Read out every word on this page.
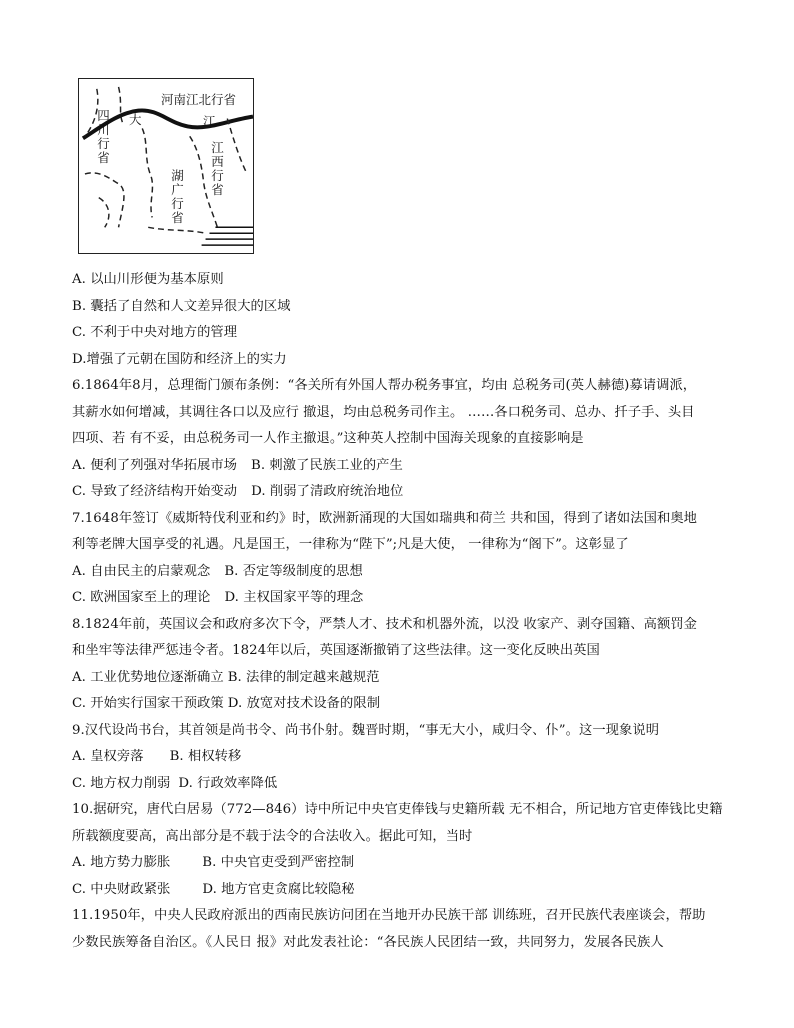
河南江北行省
四川行省
大	江
江西行省
湖广行省
A. 以山川形便为基本原则
B. 囊括了自然和人文差异很大的区域
C. 不利于中央对地方的管理
D.增强了元朝在国防和经济上的实力
6.1864年8月，总理衙门颁布条例：“各关所有外国人帮办税务事宜，均由 总税务司(英人赫德)募请调派，
其薪水如何增减，其调往各口以及应行 撤退，均由总税务司作主。 ……各口税务司、总办、扦子手、头目
四项、若 有不妥，由总税务司一人作主撤退。”这种英人控制中国海关现象的直接影响是
A. 便利了列强对华拓展市场 B. 刺激了民族工业的产生
C. 导致了经济结构开始变动 D. 削弱了清政府统治地位
7.1648年签订《威斯特伐利亚和约》时，欧洲新涌现的大国如瑞典和荷兰 共和国，得到了诸如法国和奥地
利等老牌大国享受的礼遇。凡是国王，一律称为“陛下”;凡是大使， 一律称为“阁下”。这彰显了
A. 自由民主的启蒙观念 B. 否定等级制度的思想
C. 欧洲国家至上的理论 D. 主权国家平等的理念
8.1824年前，英国议会和政府多次下令，严禁人才、技术和机器外流，以没 收家产、剥夺国籍、高额罚金
和坐牢等法律严惩违令者。1824年以后，英国逐渐撤销了这些法律。这一变化反映出英国
A. 工业优势地位逐渐确立 B. 法律的制定越来越规范
C. 开始实行国家干预政策 D. 放宽对技术设备的限制
9.汉代设尚书台，其首领是尚书令、尚书仆射。魏晋时期，“事无大小，咸归令、仆”。这一现象说明
A. 皇权旁落 B. 相权转移
C. 地方权力削弱 D. 行政效率降低
10.据研究，唐代白居易（772—846）诗中所记中央官吏俸钱与史籍所载 无不相合，所记地方官吏俸钱比史籍
所载额度要高，高出部分是不载于法令的合法收入。据此可知，当时
A. 地方势力膨胀 B. 中央官吏受到严密控制
C. 中央财政紧张 D. 地方官吏贪腐比较隐秘
11.1950年，中央人民政府派出的西南民族访问团在当地开办民族干部 训练班，召开民族代表座谈会，帮助
少数民族筹备自治区。《人民日 报》对此发表社论：“各民族人民团结一致，共同努力，发展各民族人
